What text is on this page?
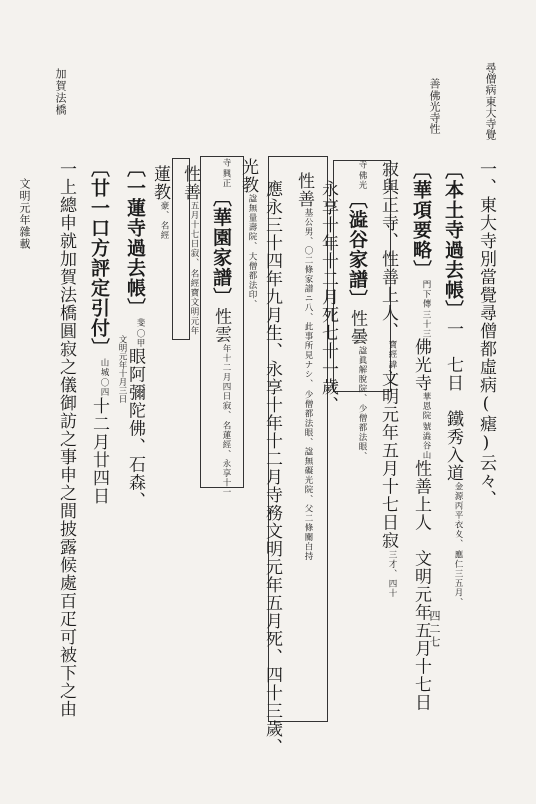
文明元年雜載
加賀法橋
四二七
東大寺覺
尋僧病
佛光寺性
善
一、東大寺別當覺尋僧都虛病(瘧)云々、
〔本土寺過去帳〕一　七日　鐵秀入道
應仁三五月、
金源丙平衣夊、
〔華項要略〕
三十三
門下傳
佛光寺
號澁谷山
華恩院
性善上人　文明元年五月十七日
寂與正寺、性善上人、
諱
寶經
文明元年五月十七日寂
四十
三才、
佛光
寺
〔澁谷家譜〕性曇
少僧都法眼、
諡眞解脫院、
永享十年十二月死七十一歲、
性善
少僧都法眼、諡無礙光院、父二條關白持
基公男、〇二條家譜ニ八、此事所見ナシ、
應永三十四年九月生、永享十年十二月寺務文明元年五月死、四十三歲、
光教
大僧都法印、
諡無量壽院、
興正
寺
〔華園家譜〕性雲
名蓮經、永享十一
年十二月四日寂、
性善
名經寶文明元年
五月十七日寂、
蓮教
名經
豪、
〔一蓮寺過去帳〕
〇甲
斐
眼阿彌陀佛、石森、
文明元年十月三日
〔廿一口方評定引付〕
〇四
山城
十二月廿四日
一上總申就加賀法橋圓寂之儀御訪之事申之間披露候處百疋可被下之由
